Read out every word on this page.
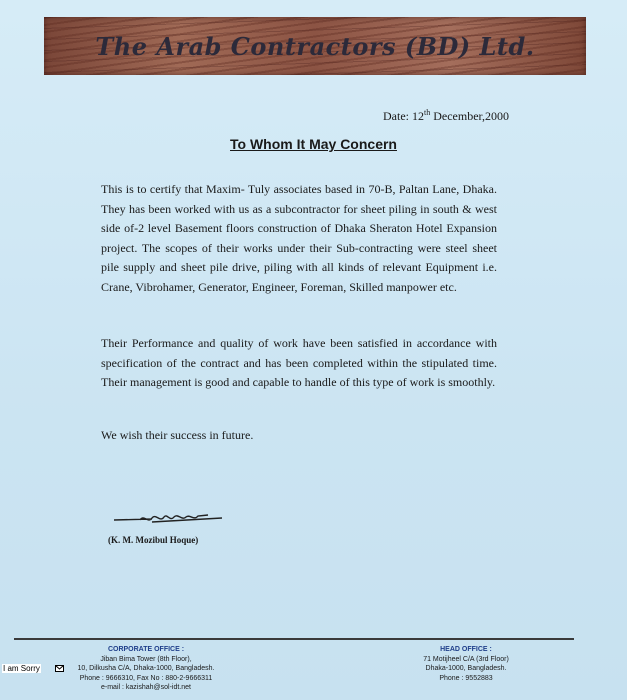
The Arab Contractors (BD) Ltd.
Date: 12th December,2000
To Whom It May Concern

This is to certify that Maxim- Tuly associates based in 70-B, Paltan Lane, Dhaka. They has been worked with us as a subcontractor for sheet piling in south & west side of-2 level Basement floors construction of Dhaka Sheraton Hotel Expansion project. The scopes of their works under their Sub-contracting were steel sheet pile supply and sheet pile drive, piling with all kinds of relevant Equipment i.e. Crane, Vibrohamer, Generator, Engineer, Foreman, Skilled manpower etc.

Their Performance and quality of work have been satisfied in accordance with specification of the contract and has been completed within the stipulated time. Their management is good and capable to handle of this type of work is smoothly.

We wish their success in future.

(K. M. Mozibul Hoque)
CORPORATE OFFICE :
Jiban Bima Tower (8th Floor),
10, Dilkusha C/A, Dhaka-1000, Bangladesh.
Phone : 9666310, Fax No : 880-2-9666311
e-mail : kazishah@sol-idt.net
HEAD OFFICE :
71 Motijheel C/A (3rd Floor)
Dhaka-1000, Bangladesh.
Phone : 9552883
I am Sorry
